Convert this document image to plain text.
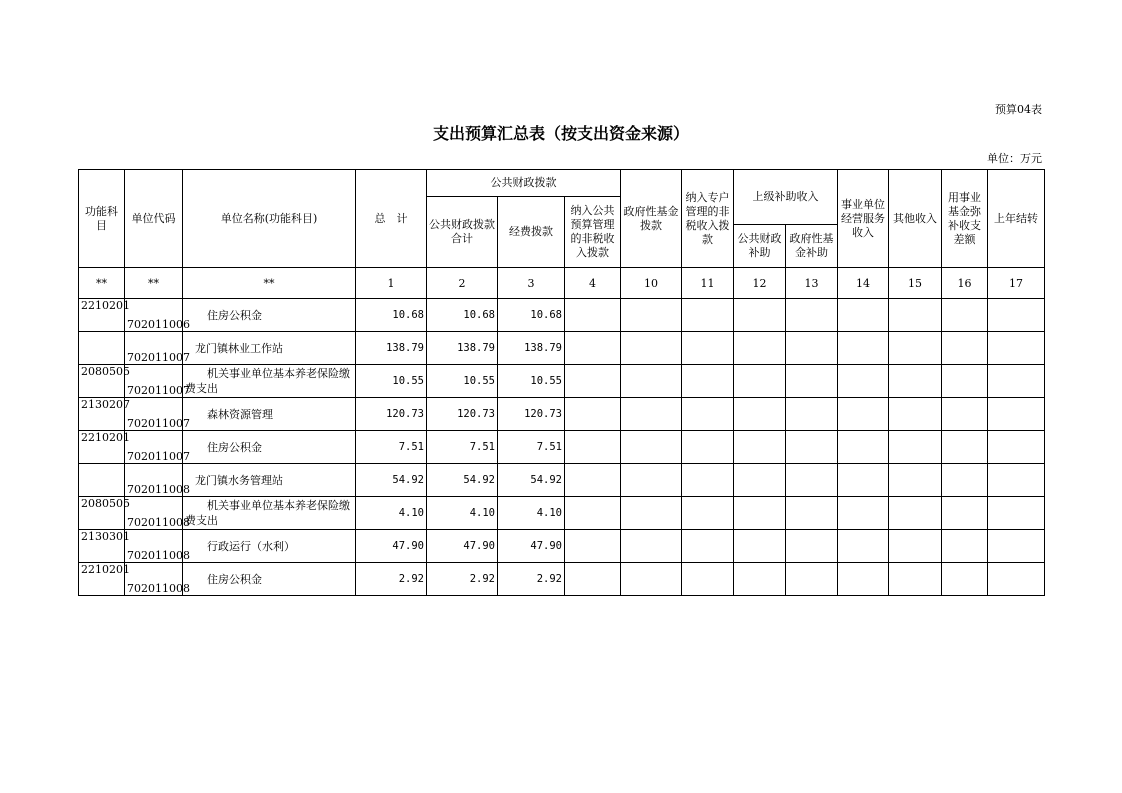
预算04表
支出预算汇总表（按支出资金来源）
单位：万元
功能科目	单位代码	单位名称(功能科目)	总　计	公共财政拨款			政府性基金拨款	纳入专户管理的非税收入拨款	上级补助收入		事业单位经营服务收入	其他收入	用事业基金弥补收支差额	上年结转
				公共财政拨款合计	经费拨款	纳入公共预算管理的非税收入拨款								
									公共财政补助	政府性基金补助				
**	**	**	1	2	3	4	10	11	12	13	14	15	16	17
2210201	702011006	住房公积金	10.68	10.68	10.68									
	702011007	龙门镇林业工作站	138.79	138.79	138.79									
2080505	702011007	机关事业单位基本养老保险缴费支出	10.55	10.55	10.55									
2130207	702011007	森林资源管理	120.73	120.73	120.73									
2210201	702011007	住房公积金	7.51	7.51	7.51									
	702011008	龙门镇水务管理站	54.92	54.92	54.92									
2080505	702011008	机关事业单位基本养老保险缴费支出	4.10	4.10	4.10									
2130301	702011008	行政运行（水利）	47.90	47.90	47.90									
2210201	702011008	住房公积金	2.92	2.92	2.92									
